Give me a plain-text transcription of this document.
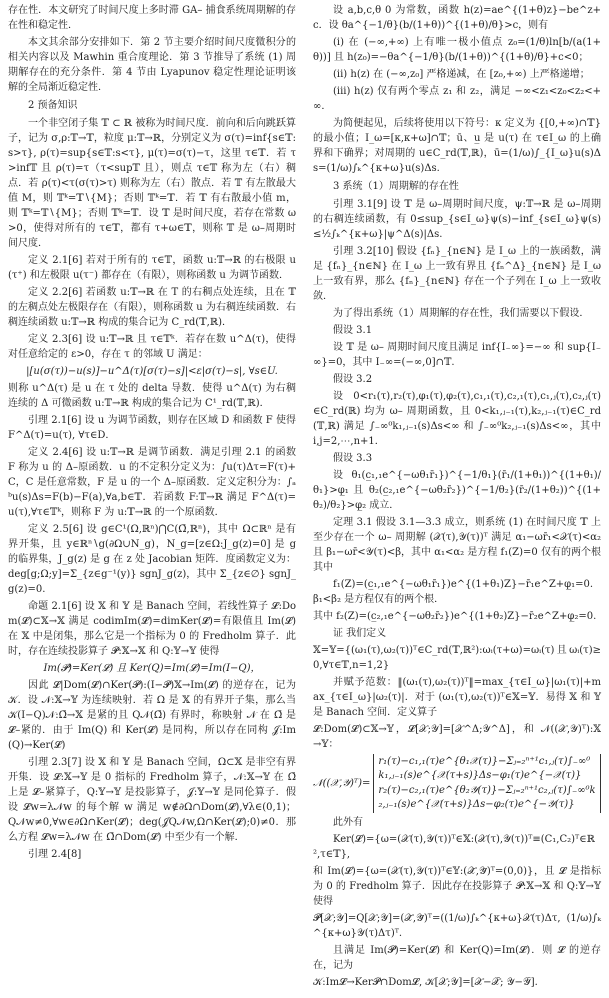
存在性．本文研究了时间尺度上多时滞 GA– 捕食系统周期解的存在性和稳定性．
本文其余部分安排如下．第 2 节主要介绍时间尺度微积分的相关内容以及 Mawhin 重合度理论．第 3 节推导了系统 (1) 周期解存在的充分条件．第 4 节由 Lyapunov 稳定性理论证明该解的全局渐近稳定性．
2 预备知识
一个非空闭子集 𝕋 ⊂ ℝ 被称为时间尺度．前向和后向跳跃算子，记为 σ,ρ:𝕋→𝕋，粒度 μ:𝕋→ℝ，分别定义为 σ(τ)=inf{s∈𝕋:s>τ}, ρ(τ)=sup{s∈𝕋:s<τ}, μ(τ)=σ(τ)−τ，这里 τ∈𝕋．若 τ>inf𝕋 且 ρ(τ)=τ（τ<sup𝕋 且），则点 τ∈𝕋 称为左（右）稠点．若 ρ(τ)<τ(σ(τ)>τ) 则称为左（右）散点．若 𝕋 有左散最大值 M，则 𝕋ᵏ=𝕋∖{M}；否则 𝕋ᵏ=𝕋．若 𝕋 有右散最小值 m，则 𝕋ᵏ=𝕋∖{M}；否则 𝕋ᵏ=𝕋．设 𝕋 是时间尺度，若存在常数 ω>0，使得对所有的 τ∈𝕋，都有 τ+ω∈𝕋，则称 𝕋 是 ω–周期时间尺度．
定义 2.1[6] 若对于所有的 τ∈𝕋，函数 u:𝕋→ℝ 的右极限 u(τ⁺) 和左极限 u(τ⁻) 都存在（有限），则称函数 u 为调节函数．
定义 2.2[6] 若函数 u:𝕋→ℝ 在 T 的右稠点处连续，且在 𝕋 的左稠点处左极限存在（有限），则称函数 u 为右稠连续函数．右稠连续函数 u:𝕋→ℝ 构成的集合记为 C_rd(𝕋,ℝ)．
定义 2.3[6] 设 u:𝕋→ℝ 且 τ∈𝕋ᵏ．若存在数 u^Δ(τ)，使得对任意给定的 ε>0，存在 τ 的邻域 U 满足：
|[u(σ(τ))−u(s)]−u^Δ(τ)[σ(τ)−s]|<ε|σ(τ)−s|, ∀s∈U.
则称 u^Δ(τ) 是 u 在 τ 处的 delta 导数．使得 u^Δ(τ) 为右稠连续的 Δ 可微函数 u:𝕋→ℝ 构成的集合记为 C¹_rd(𝕋,ℝ)．
引理 2.1[6] 设 u 为调节函数，则存在区域 D 和函数 F 使得 F^Δ(τ)=u(τ), ∀τ∈D．
定义 2.4[6] 设 u:𝕋→ℝ 是调节函数．满足引理 2.1 的函数 F 称为 u 的 Δ–原函数．u 的不定积分定义为：∫u(τ)Δτ=F(τ)+C，C 是任意常数，F 是 u 的一个 Δ–原函数．定义定积分为：∫ₐᵇu(s)Δs=F(b)−F(a),∀a,b∈𝕋．若函数 F:𝕋→ℝ 满足 F^Δ(τ)=u(τ),∀τ∈𝕋ᵏ，则称 F 为 u:𝕋→ℝ 的一个原函数．
定义 2.5[6] 设 g∈C¹(Ω,ℝⁿ)⋂C(Ω̄,ℝⁿ)，其中 Ω⊂ℝⁿ 是有界开集，且 y∈ℝⁿ∖g(∂Ω∪N_g)，N_g=[z∈Ω:J_g(z)=0] 是 g 的临界集，J_g(z) 是 g 在 z 处 Jacobian 矩阵．度函数定义为：deg[g;Ω;y]=Σ_{z∈g⁻¹(y)} sgnJ_g(z)，其中 Σ_{z∈∅} sgnJ_g(z)=0.
命题 2.1[6] 设 𝕏 和 𝕐 是 Banach 空间，若线性算子 𝓛:Dom(𝓛)⊂𝕏→𝕏 满足 codimIm(𝓛)=dimKer(𝓛)=有限值且 Im(𝓛) 在 𝕏 中是闭集，那么它是一个指标为 0 的 Fredholm 算子．此时，存在连续投影算子 𝓟:𝕏→𝕏 和 Q:𝕐→𝕐 使得
Im(𝓟)=Ker(𝓛) 且 Ker(Q)=Im(𝓛)=Im(I−Q)，
因此 𝓛|Dom(𝓛)∩Ker(𝓟):(I−𝓟)𝕏→Im(𝓛) 的逆存在，记为 𝒦．设 𝒩:𝕏→𝕐 为连续映射．若 Ω 是 𝕏 的有界开子集，那么当 𝒦(I−Q)𝒩:Ω̄→𝕏 是紧的且 Q𝒩(Ω̄) 有界时，称映射 𝒩 在 Ω̄ 是 𝓛–紧的．由于 Im(Q) 和 Ker(𝓛) 是同构，所以存在同构 𝒥:Im(Q)→Ker(𝓛)
引理 2.3[7] 设 𝕏 和 𝕐 是 Banach 空间，Ω⊂𝕏 是非空有界开集．设 𝓛:𝕏→𝕐 是 0 指标的 Fredholm 算子，𝒩:𝕏→𝕐 在 Ω̄ 上是 𝓛–紧算子，Q:𝕐→𝕐 是投影算子，𝒥:𝕐→𝕐 是同伦算子．假设 𝓛w=λ𝒩w 的每个解 w 满足 w∉∂Ω∩Dom(𝓛),∀λ∈(0,1)；Q𝒩w≠0,∀w∈∂Ω∩Ker(𝓛)；deg(𝒥Q𝒩w,Ω∩Ker(𝓛);0)≠0．那么方程 𝓛w=λ𝒩w 在 Ω̄∩Dom(𝓛) 中至少有一个解．
引理 2.4[8]
设 a,b,c,θ 0 为常数，函数 h(z)=ae^{(1+θ)z}−be^z+c．设 θa^{−1/θ}(b/(1+θ))^{(1+θ)/θ}>c，则有
(i) 在 (−∞,+∞) 上有唯一极小值点 z₀=(1/θ)ln[b/(a(1+θ))] 且 h(z₀)=−θa^{−1/θ}(b/(1+θ))^{(1+θ)/θ}+c<0；
(ii) h(z) 在 (−∞,z₀] 严格递减，在 [z₀,+∞) 上严格递增；
(iii) h(z) 仅有两个零点 z₁ 和 z₂，满足 −∞<z₁<z₀<z₂<+∞．
为简便起见，后续将使用以下符号：κ 定义为 {[0,+∞)∩𝕋} 的最小值；I_ω=[κ,κ+ω]∩𝕋；ū、u̲ 是 u(τ) 在 τ∈I_ω 的上确界和下确界；对周期的 u∈C_rd(𝕋,ℝ)，ū=(1/ω)∫_{I_ω}u(s)Δs=(1/ω)∫ₖ^{κ+ω}u(s)Δs.
3 系统（1）周期解的存在性
引理 3.1[9] 设 𝕋 是 ω–周期时间尺度，ψ:𝕋→ℝ 是 ω–周期的右稠连续函数，有 0≤sup_{s∈I_ω}ψ(s)−inf_{s∈I_ω}ψ(s)≤½∫ₖ^{κ+ω}|ψ^Δ(s)|Δs.
引理 3.2[10] 假设 {fₙ}_{n∈ℕ} 是 I_ω 上的一族函数，满足 {fₙ}_{n∈ℕ} 在 I_ω 上一致有界且 {fₙ^Δ}_{n∈ℕ} 是 I_ω 上一致有界，那么 {fₙ}_{n∈ℕ} 存在一个子列在 I_ω 上一致收敛．
为了得出系统（1）周期解的存在性，我们需要以下假设．
假设 3.1
设 𝕋 是 ω– 周期时间尺度且满足 inf{I₋∞}=−∞ 和 sup{I₋∞}=0，其中 I₋∞=(−∞,0]∩𝕋.
假设 3.2
设 0<r₁(τ),r₂(τ),φ₁(τ),φ₂(τ),c₁,₁(τ),c₂,₁(τ),c₁,ⱼ(τ),c₂,ⱼ(τ)∈C_rd(ℝ) 均为 ω– 周期函数，且 0<k₁,ⱼ₋₁(τ),k₂,ⱼ₋₁(τ)∈C_rd(𝕋,ℝ) 满足 ∫₋∞⁰k₁,ⱼ₋₁(s)Δs<∞ 和 ∫₋∞⁰k₂,ⱼ₋₁(s)Δs<∞，其中 i,j=2,⋯,n+1．
假设 3.3
设 θ₁(c̲₁,₁e^{−ωθ₁r̄₁})^{−1/θ₁}(r̄₁/(1+θ₁))^{(1+θ₁)/θ₁}>φ̲₁ 且 θ₂(c̲₂,₁e^{−ωθ₂r̄₂})^{−1/θ₂}(r̄₂/(1+θ₂))^{(1+θ₂)/θ₂}>φ̲₂ 成立．
定理 3.1 假设 3.1—3.3 成立，则系统 (1) 在时间尺度 𝕋 上至少存在一个 ω– 周期解 (𝒳(τ),𝒴(τ))ᵀ 满足 α₁−ωr̄₁<𝒳(τ)<α₂ 且 β₁−ωr̄<𝒴(τ)<β，其中 α₁<α₂ 是方程 f₁(Z)=0 仅有的两个根其中
f₁(Z)=(c̲₁,₁e^{−ωθ₁r̄₁})e^{(1+θ₁)Z}−r̄₁e^Z+φ̲₁=0. β₁<β₂ 是方程仅有的两个根．
其中 f₂(Z)=(c̲₂,₁e^{−ωθ₂r̄₂})e^{(1+θ₂)Z}−r̄₂e^Z+φ̲₂=0.
证 我们定义
𝕏=𝕐={(ω₁(τ),ω₂(τ))ᵀ∈C_rd(𝕋,ℝ²):ωᵢ(τ+ω)=ωᵢ(τ)且ωᵢ(τ)≥0,∀τ∈𝕋,n=1,2}
并赋予范数：‖(ω₁(τ),ω₂(τ))ᵀ‖=max_{τ∈I_ω}|ω₁(τ)|+max_{τ∈I_ω}|ω₂(τ)|．对于 (ω₁(τ),ω₂(τ))ᵀ∈𝕏=𝕐．易得 𝕏 和 𝕐 是 Banach 空间．定义算子
𝓛:Dom(𝓛)⊂𝕏→𝕐，𝓛[𝒳;𝒴]=[𝒳^Δ;𝒴^Δ]，和 𝒩((𝒳,𝒴)ᵀ):𝕏→𝕐：
𝒩((𝒳,𝒴)ᵀ)=
r₁(τ)−c₁,₁(τ)e^{θ₁𝒳(τ)}−Σⱼ₌₂ⁿ⁺¹c₁,ⱼ(τ)∫₋∞⁰k₁,ⱼ₋₁(s)e^{𝒳(τ+s)}Δs−φ₁(τ)e^{−𝒳(τ)}
r₂(τ)−c₂,₁(τ)e^{θ₂𝒴(τ)}−Σⱼ₌₂ⁿ⁺¹c₂,ⱼ(τ)∫₋∞⁰k₂,ⱼ₋₁(s)e^{𝒳(τ+s)}Δs−φ₂(τ)e^{−𝒴(τ)}
此外有
Ker(𝓛)={ω=(𝒳(τ),𝒴(τ))ᵀ∈𝕏:(𝒳(τ),𝒴(τ))ᵀ≡(C₁,C₂)ᵀ∈ℝ²,τ∈𝕋},
和 Im(𝓛)={ω=(𝒳(τ),𝒴(τ))ᵀ∈𝕐:(𝒳̄,𝒴̄)ᵀ=(0,0)}，且 𝓛 是指标为 0 的 Fredholm 算子．因此存在投影算子 𝓟:𝕏→𝕏 和 Q:𝕐→𝕐 使得
𝓟[𝒳;𝒴]=Q[𝒳;𝒴]=(𝒳̄,𝒴̄)ᵀ=((1/ω)∫ₖ^{κ+ω}𝒳(τ)Δτ, (1/ω)∫ₖ^{κ+ω}𝒴(τ)Δτ)ᵀ.
且满足 Im(𝓟)=Ker(𝓛) 和 Ker(Q)=Im(𝓛)．则 𝓛 的逆存在，记为
𝒦:Im𝓛→Ker𝓟∩Dom𝓛, 𝒦[𝒳;𝒴]=[𝒳̇−𝒳̇̄; 𝒴̇−𝒴̇̄].
